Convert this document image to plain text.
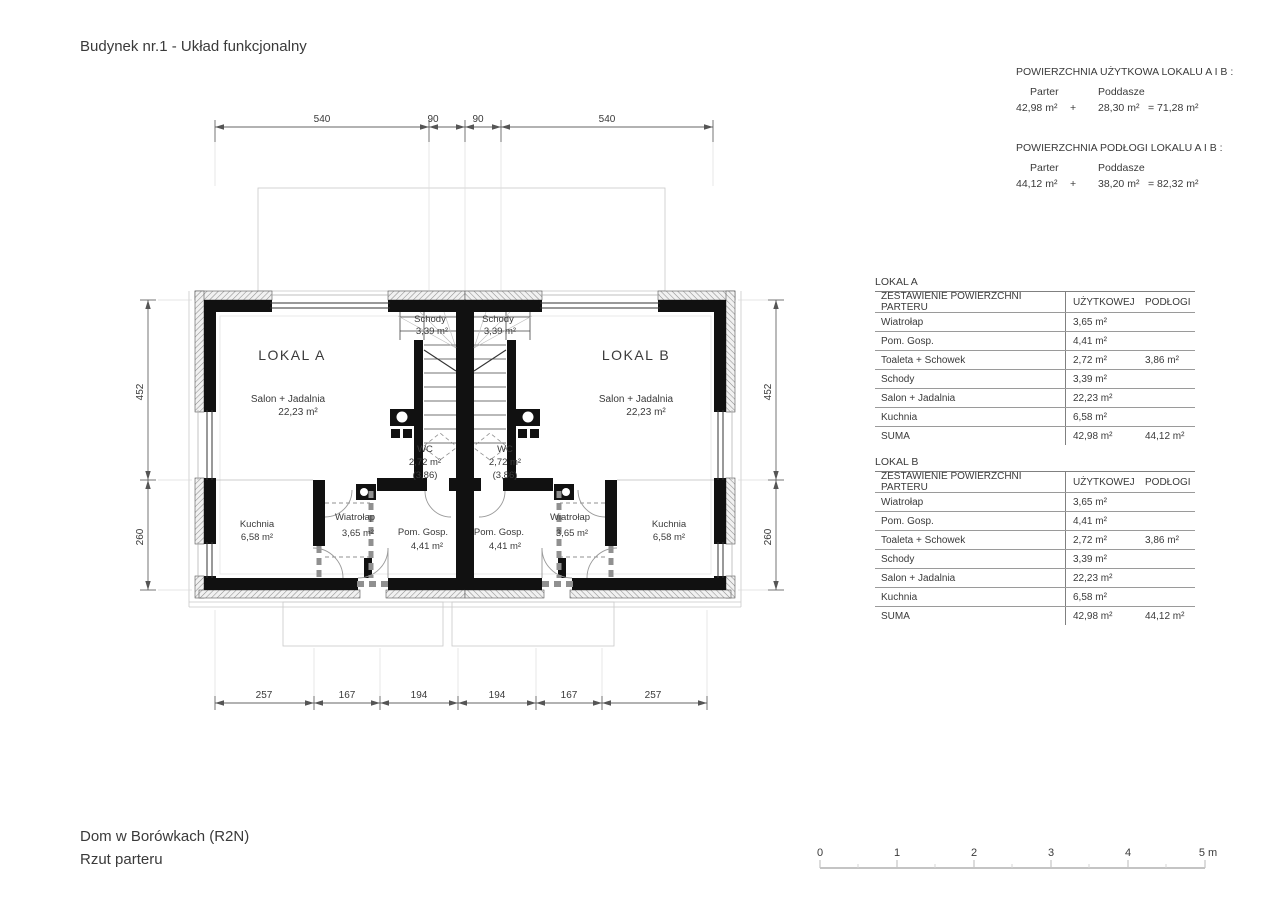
540	90	90	540
257	167	194	194	167	257
452
260
452
260
LOKAL A	LOKAL B
Salon + Jadalnia
22,23 m²
Salon + Jadalnia
22,23 m²
Schody
3,39 m²
Schody
3,39 m²
WC
2,72 m²
(3,86)
WC
2,72 m²
(3,86)
Kuchnia
6,58 m²
Kuchnia
6,58 m²
Wiatrołap
3,65 m²
Wiatrołap
3,65 m²
Pom. Gosp.
4,41 m²
Pom. Gosp.
4,41 m²
0	1	2	3	4	5 m
Budynek nr.1 - Układ funkcjonalny
POWIERZCHNIA UŻYTKOWA LOKALU A I B :
Parter	Poddasze
42,98 m² + 28,30 m² = 71,28 m²
POWIERZCHNIA PODŁOGI LOKALU A I B :
Parter	Poddasze
44,12 m² + 38,20 m² = 82,32 m²
LOKAL A
ZESTAWIENIE POWIERZCHNI PARTERU	UŻYTKOWEJ	PODŁOGI
Wiatrołap	3,65 m²
Pom. Gosp.	4,41 m²
Toaleta + Schowek	2,72 m²	3,86 m²
Schody	3,39 m²
Salon + Jadalnia	22,23 m²
Kuchnia	6,58 m²
SUMA	42,98 m²	44,12 m²
LOKAL B
ZESTAWIENIE POWIERZCHNI PARTERU	UŻYTKOWEJ	PODŁOGI
Wiatrołap	3,65 m²
Pom. Gosp.	4,41 m²
Toaleta + Schowek	2,72 m²	3,86 m²
Schody	3,39 m²
Salon + Jadalnia	22,23 m²
Kuchnia	6,58 m²
SUMA	42,98 m²	44,12 m²
Dom w Borówkach (R2N)
Rzut parteru
